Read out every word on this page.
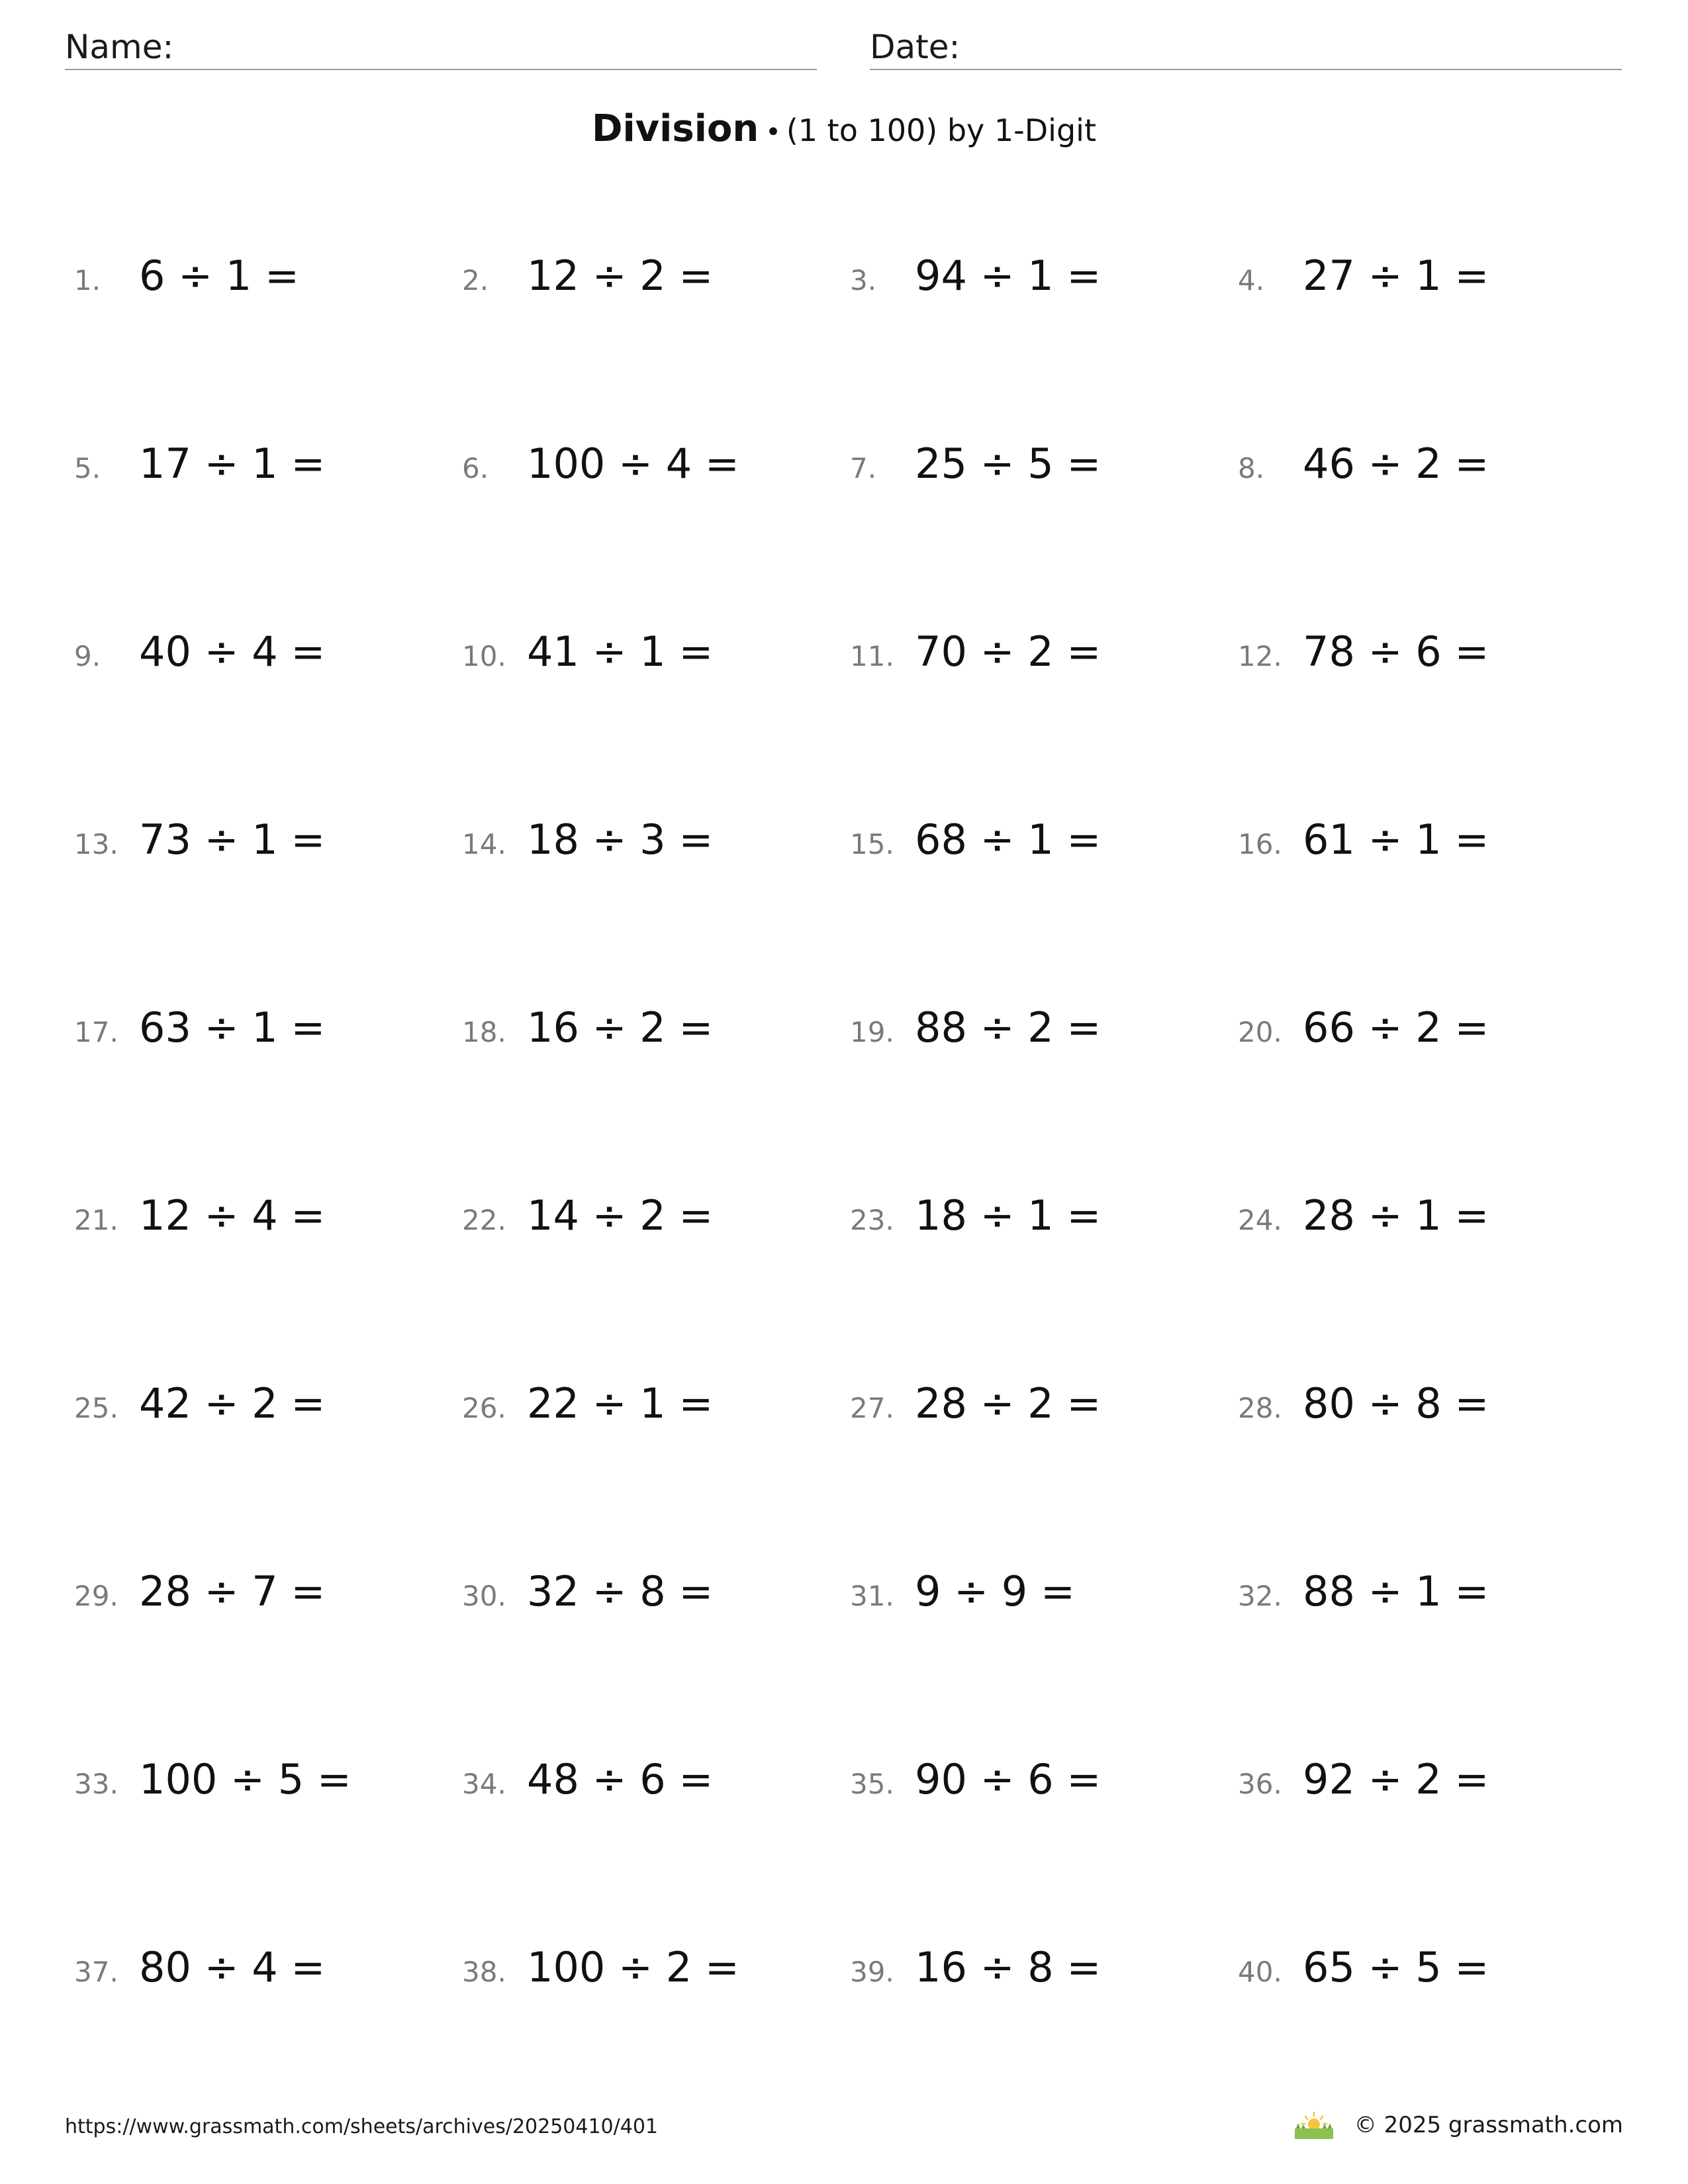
Name:	Date:
Division • (1 to 100) by 1-Digit
1. 6 ÷ 1 =	2. 12 ÷ 2 =	3. 94 ÷ 1 =	4. 27 ÷ 1 =
5. 17 ÷ 1 =	6. 100 ÷ 4 =	7. 25 ÷ 5 =	8. 46 ÷ 2 =
9. 40 ÷ 4 =	10. 41 ÷ 1 =	11. 70 ÷ 2 =	12. 78 ÷ 6 =
13. 73 ÷ 1 =	14. 18 ÷ 3 =	15. 68 ÷ 1 =	16. 61 ÷ 1 =
17. 63 ÷ 1 =	18. 16 ÷ 2 =	19. 88 ÷ 2 =	20. 66 ÷ 2 =
21. 12 ÷ 4 =	22. 14 ÷ 2 =	23. 18 ÷ 1 =	24. 28 ÷ 1 =
25. 42 ÷ 2 =	26. 22 ÷ 1 =	27. 28 ÷ 2 =	28. 80 ÷ 8 =
29. 28 ÷ 7 =	30. 32 ÷ 8 =	31. 9 ÷ 9 =	32. 88 ÷ 1 =
33. 100 ÷ 5 =	34. 48 ÷ 6 =	35. 90 ÷ 6 =	36. 92 ÷ 2 =
37. 80 ÷ 4 =	38. 100 ÷ 2 =	39. 16 ÷ 8 =	40. 65 ÷ 5 =
https://www.grassmath.com/sheets/archives/20250410/401	© 2025 grassmath.com
